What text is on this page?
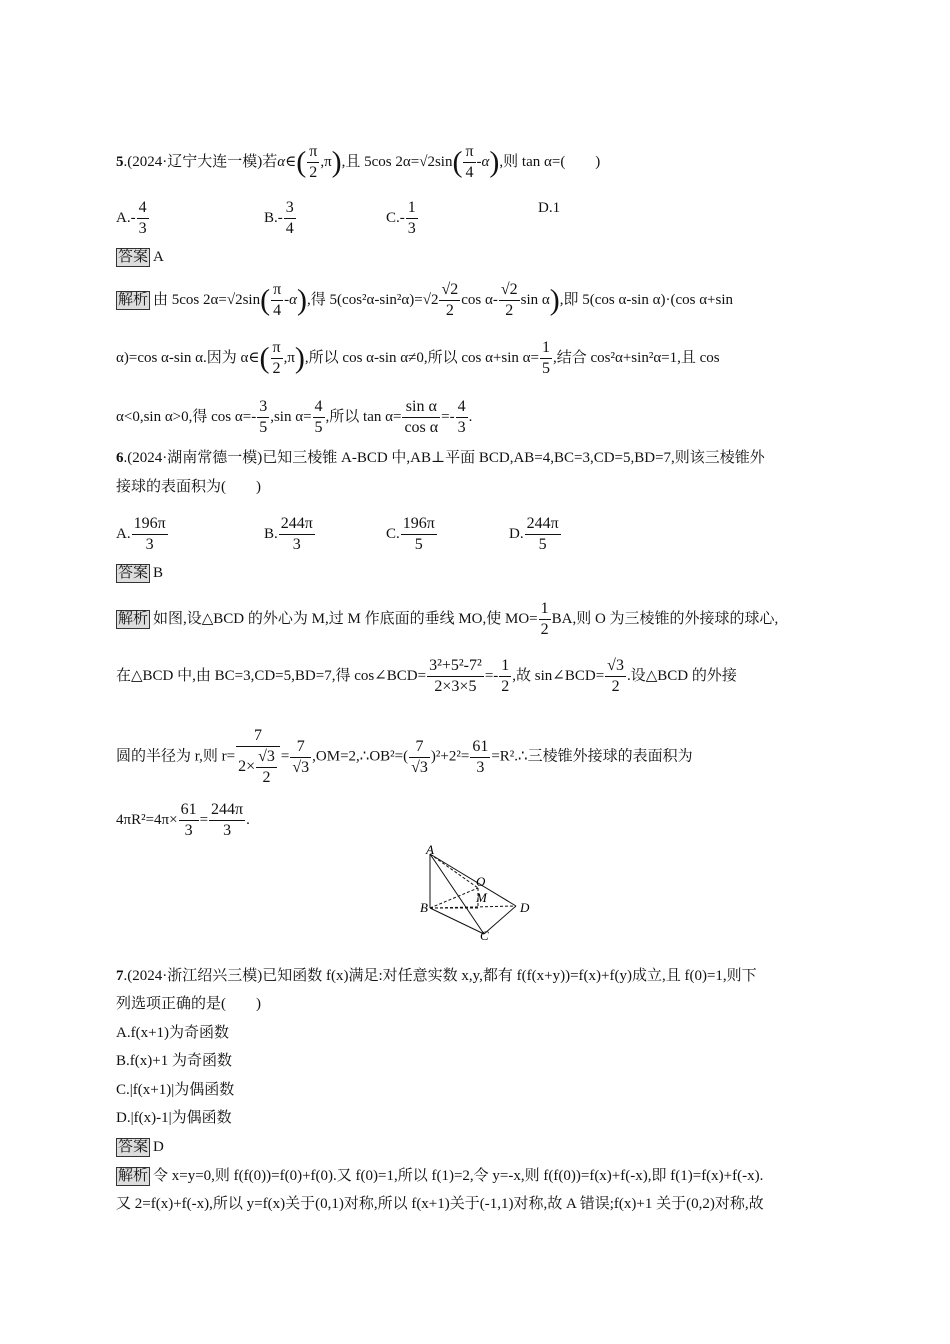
5.(2024·辽宁大连一模)若α∈( $\frac{\pi}{2} ,\pi$),且 5cos $2\alpha=√2\sin( \frac{\pi}{4} -\alpha)$,则 tan α=(　　)
$A.- \frac{4}{3}$	$B.- \frac{3}{4}$	$C.- \frac{1}{3}$	D.1
答案 A
解析 由 5cos $2\alpha=√2\sin( \frac{\pi}{4} -\alpha)$,得 $5(\cos^2\alpha-\sin^2\alpha)=√2 \frac{√2}{2}$ $\cos \alpha- \frac{√2}{2}$ sin α),即 5(cos α-sin α)·(cos α+sin
α)=cos α-sin α.因为 α∈( $\frac{\pi}{2} ,\pi$),所以 cos α-sin α≠0,所以 cos α+sin $\alpha= \frac{1}{5}$ ,结合 cos²α+sin²α=1,且 cos
α<0,sin α>0,得 $\cos \alpha=- \frac{3}{5} ,\sin$ $\alpha= \frac{4}{5}$ ,所以 $\tan \alpha= \frac{\text{sin α}}{\text{cos α}} =- \frac{4}{3}$ .
6.(2024·湖南常德一模)已知三棱锥 A-BCD 中,AB⊥平面 BCD,AB=4,BC=3,CD=5,BD=7,则该三棱锥外
接球的表面积为(　　)
A. $\frac{196\pi}{3}$	B. $\frac{244\pi}{3}$	C. $\frac{196\pi}{5}$	D. $\frac{244\pi}{5}$
答案 B
解析 如图,设△BCD 的外心为 M,过 M 作底面的垂线 MO,使 $MO= \frac{1}{2}$ BA,则 O 为三棱锥的外接球的球心,
在△BCD 中,由 BC=3,CD=5,BD=7,得 cos∠BCD= $\frac{\text{3²+5²-7²}}{2\times 3\times 5} =- \frac{1}{2}$ ,故 sin∠BCD= $\frac{√3}{2}$ .设△BCD 的外接
圆的半径为 r,则 $r= \frac{7}{2\times \frac{√3}{2}} = \frac{7}{√3}$ ,OM=2,∴OB²=( $\frac{7}{√3} )^2+2^2= \frac{61}{3}$ =R².∴三棱锥外接球的表面积为
$4\pi R^2=4\pi\times \frac{61}{3} = \frac{244\pi}{3}$ .
A
O
M
B	D
C
7.(2024·浙江绍兴三模)已知函数 f(x)满足:对任意实数 x,y,都有 f(f(x+y))=f(x)+f(y)成立,且 f(0)=1,则下
列选项正确的是(　　)
A.f(x+1)为奇函数
B.f(x)+1 为奇函数
C.|f(x+1)|为偶函数
D.|f(x)-1|为偶函数
答案 D
解析 令 x=y=0,则 f(f(0))=f(0)+f(0).又 f(0)=1,所以 f(1)=2,令 y=-x,则 f(f(0))=f(x)+f(-x),即 f(1)=f(x)+f(-x).
又 2=f(x)+f(-x),所以 y=f(x)关于(0,1)对称,所以 f(x+1)关于(-1,1)对称,故 A 错误;f(x)+1 关于(0,2)对称,故
